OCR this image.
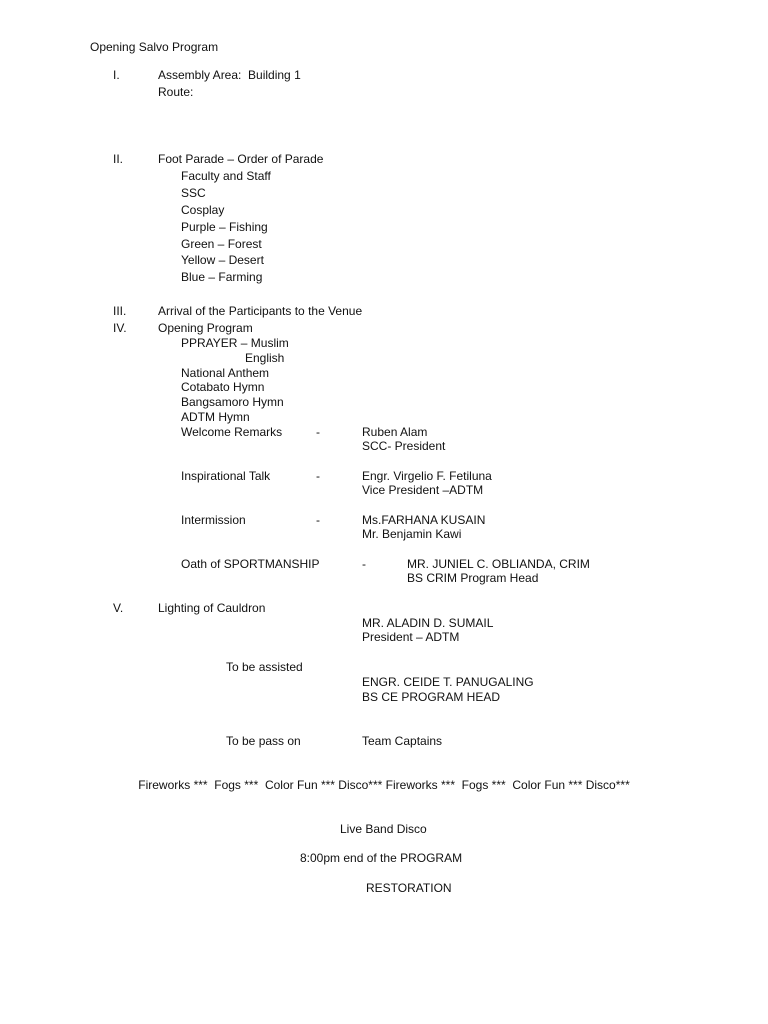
Opening Salvo Program
I.	Assembly Area:  Building 1
Route:
II.	Foot Parade – Order of Parade
Faculty and Staff
SSC
Cosplay
Purple – Fishing
Green – Forest
Yellow – Desert
Blue – Farming
III.	Arrival of the Participants to the Venue
IV.	Opening Program
PPRAYER – Muslim
English
National Anthem
Cotabato Hymn
Bangsamoro Hymn
ADTM Hymn
Welcome Remarks	-	Ruben Alam
SCC- President
Inspirational Talk	-	Engr. Virgelio F. Fetiluna
Vice President –ADTM
Intermission	-	Ms.FARHANA KUSAIN
Mr. Benjamin Kawi
Oath of SPORTMANSHIP	-	MR. JUNIEL C. OBLIANDA, CRIM
BS CRIM Program Head
V.	Lighting of Cauldron
MR. ALADIN D. SUMAIL
President – ADTM
To be assisted
ENGR. CEIDE T. PANUGALING
BS CE PROGRAM HEAD
To be pass on	Team Captains
Fireworks ***  Fogs ***  Color Fun *** Disco*** Fireworks ***  Fogs ***  Color Fun *** Disco***
Live Band Disco
8:00pm end of the PROGRAM
RESTORATION
